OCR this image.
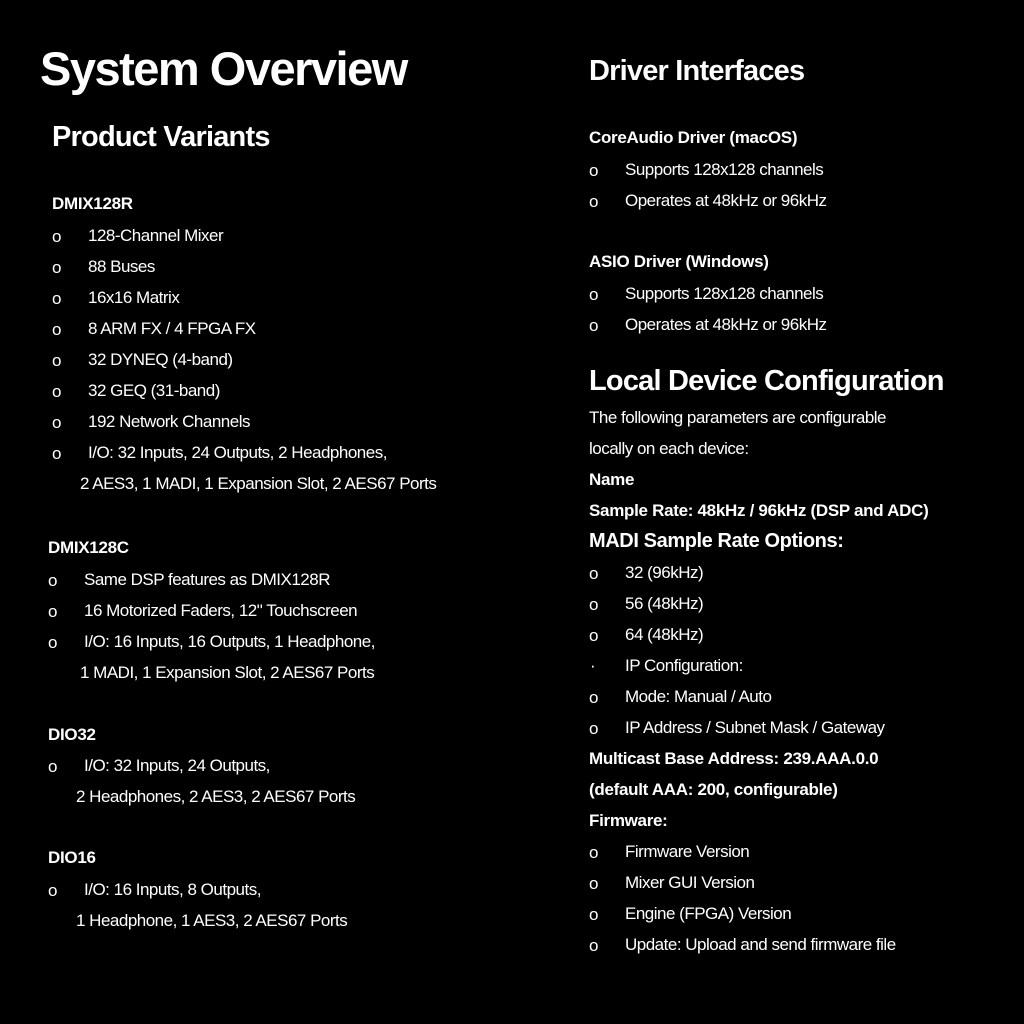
System Overview
Product Variants
DMIX128R
o 128-Channel Mixer
o 88 Buses
o 16x16 Matrix
o 8 ARM FX / 4 FPGA FX
o 32 DYNEQ (4-band)
o 32 GEQ (31-band)
o 192 Network Channels
o I/O: 32 Inputs, 24 Outputs, 2 Headphones,
2 AES3, 1 MADI, 1 Expansion Slot, 2 AES67 Ports
DMIX128C
o Same DSP features as DMIX128R
o 16 Motorized Faders, 12" Touchscreen
o I/O: 16 Inputs, 16 Outputs, 1 Headphone,
1 MADI, 1 Expansion Slot, 2 AES67 Ports
DIO32
o I/O: 32 Inputs, 24 Outputs,
2 Headphones, 2 AES3, 2 AES67 Ports
DIO16
o I/O: 16 Inputs, 8 Outputs,
1 Headphone, 1 AES3, 2 AES67 Ports
Driver Interfaces
CoreAudio Driver (macOS)
o Supports 128x128 channels
o Operates at 48kHz or 96kHz
ASIO Driver (Windows)
o Supports 128x128 channels
o Operates at 48kHz or 96kHz
Local Device Configuration
The following parameters are configurable
locally on each device:
Name
Sample Rate: 48kHz / 96kHz (DSP and ADC)
MADI Sample Rate Options:
o 32 (96kHz)
o 56 (48kHz)
o 64 (48kHz)
· IP Configuration:
o Mode: Manual / Auto
o IP Address / Subnet Mask / Gateway
Multicast Base Address: 239.AAA.0.0
(default AAA: 200, configurable)
Firmware:
o Firmware Version
o Mixer GUI Version
o Engine (FPGA) Version
o Update: Upload and send firmware file
